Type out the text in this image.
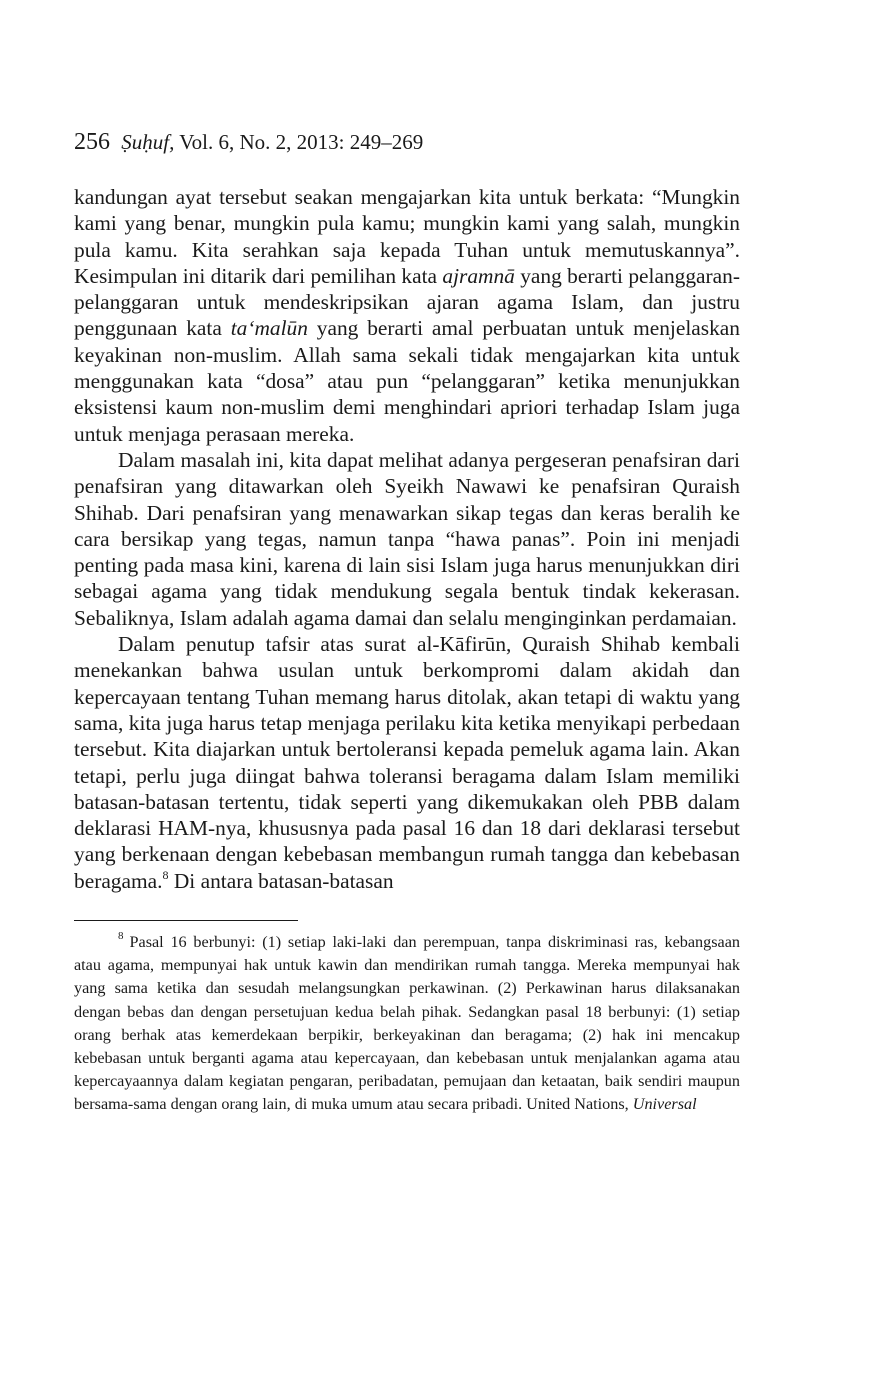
256 Ṣuḥuf, Vol. 6, No. 2, 2013: 249–269

kandungan ayat tersebut seakan mengajarkan kita untuk berkata: “Mungkin kami yang benar, mungkin pula kamu; mungkin kami yang salah, mungkin pula kamu. Kita serahkan saja kepada Tuhan untuk memutuskannya”. Kesimpulan ini ditarik dari pemilihan kata ajramnā yang berarti pelanggaran-pelanggaran untuk mendeskripsikan ajaran agama Islam, dan justru penggunaan kata ta‘malūn yang berarti amal perbuatan untuk menjelaskan keyakinan non-muslim. Allah sama sekali tidak mengajarkan kita untuk menggunakan kata “dosa” atau pun “pelanggaran” ketika menunjukkan eksistensi kaum non-muslim demi menghindari apriori terhadap Islam juga untuk menjaga perasaan mereka.

Dalam masalah ini, kita dapat melihat adanya pergeseran penafsiran dari penafsiran yang ditawarkan oleh Syeikh Nawawi ke penafsiran Quraish Shihab. Dari penafsiran yang menawarkan sikap tegas dan keras beralih ke cara bersikap yang tegas, namun tanpa “hawa panas”. Poin ini menjadi penting pada masa kini, karena di lain sisi Islam juga harus menunjukkan diri sebagai agama yang tidak mendukung segala bentuk tindak kekerasan. Sebaliknya, Islam adalah agama damai dan selalu menginginkan perdamaian.

Dalam penutup tafsir atas surat al-Kāfirūn, Quraish Shihab kembali menekankan bahwa usulan untuk berkompromi dalam akidah dan kepercayaan tentang Tuhan memang harus ditolak, akan tetapi di waktu yang sama, kita juga harus tetap menjaga perilaku kita ketika menyikapi perbedaan tersebut. Kita diajarkan untuk bertoleransi kepada pemeluk agama lain. Akan tetapi, perlu juga diingat bahwa toleransi beragama dalam Islam memiliki batasan-batasan tertentu, tidak seperti yang dikemukakan oleh PBB dalam deklarasi HAM-nya, khususnya pada pasal 16 dan 18 dari deklarasi tersebut yang berkenaan dengan kebebasan membangun rumah tangga dan kebebasan beragama.$^8$ Di antara batasan-batasan

$^8$ Pasal 16 berbunyi: (1) setiap laki-laki dan perempuan, tanpa diskriminasi ras, kebangsaan atau agama, mempunyai hak untuk kawin dan mendirikan rumah tangga. Mereka mempunyai hak yang sama ketika dan sesudah melangsungkan perkawinan. (2) Perkawinan harus dilaksanakan dengan bebas dan dengan persetujuan kedua belah pihak. Sedangkan pasal 18 berbunyi: (1) setiap orang berhak atas kemerdekaan berpikir, berkeyakinan dan beragama; (2) hak ini mencakup kebebasan untuk berganti agama atau kepercayaan, dan kebebasan untuk menjalankan agama atau kepercayaannya dalam kegiatan pengaran, peribadatan, pemujaan dan ketaatan, baik sendiri maupun bersama-sama dengan orang lain, di muka umum atau secara pribadi. United Nations, Universal
